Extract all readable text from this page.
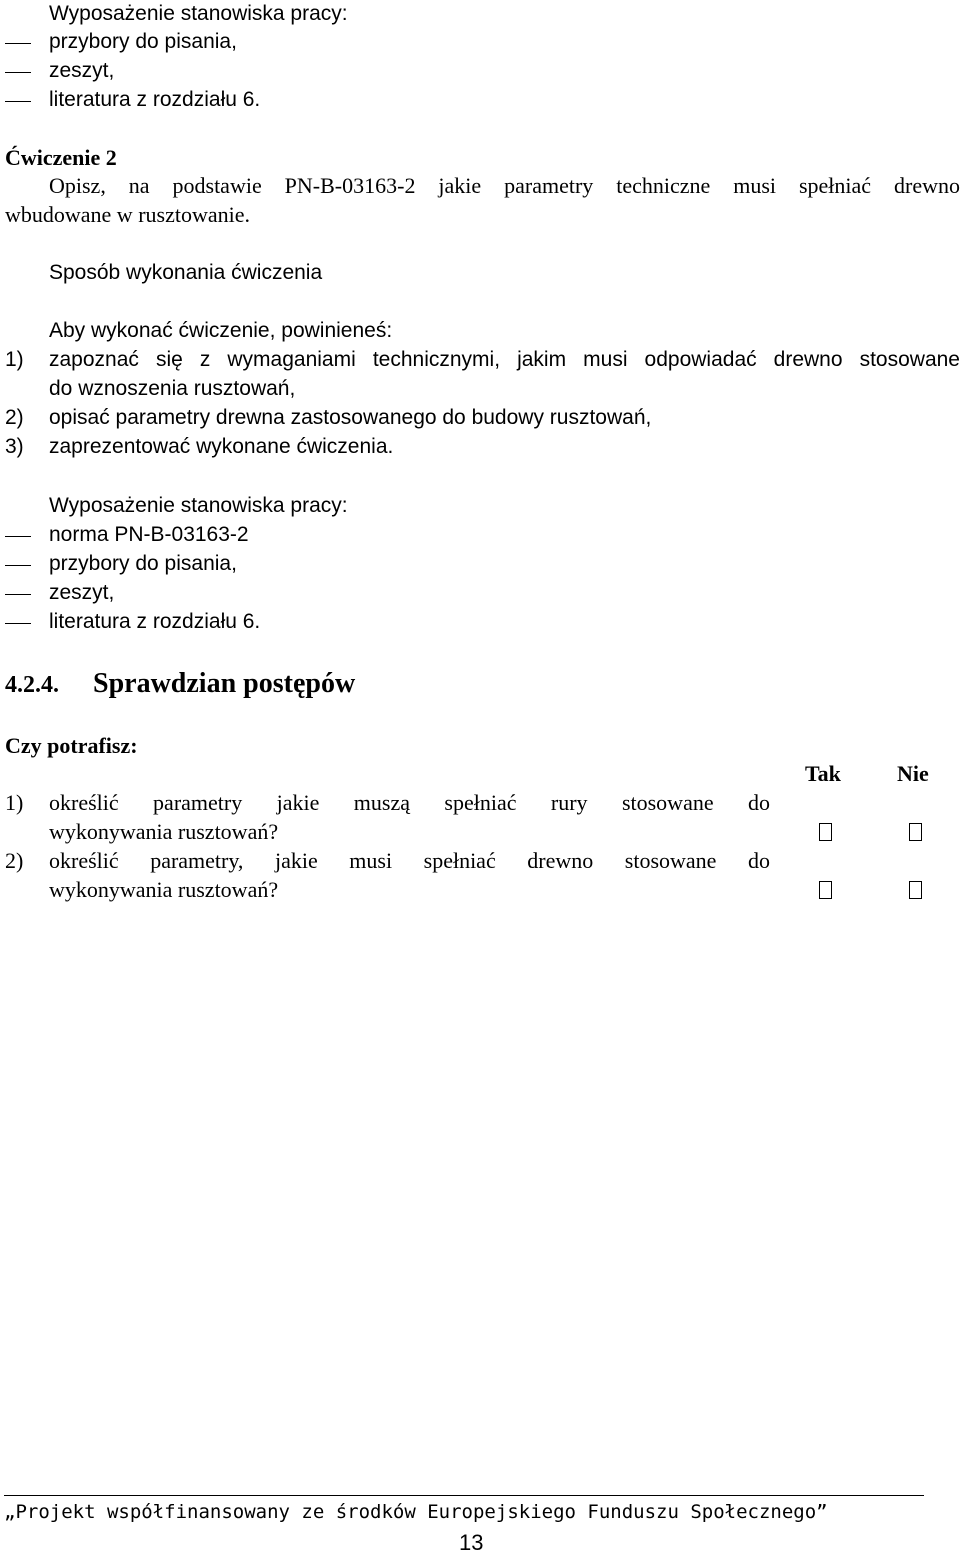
Wyposażenie stanowiska pracy:
przybory do pisania,
zeszyt,
literatura z rozdziału 6.
Ćwiczenie 2
Opisz, na podstawie PN-B-03163-2 jakie parametry techniczne musi spełniać drewno
wbudowane w rusztowanie.
Sposób wykonania ćwiczenia
Aby wykonać ćwiczenie, powinieneś:
1) zapoznać się z wymaganiami technicznymi, jakim musi odpowiadać drewno stosowane
do wznoszenia rusztowań,
2) opisać parametry drewna zastosowanego do budowy rusztowań,
3) zaprezentować wykonane ćwiczenia.
Wyposażenie stanowiska pracy:
norma PN-B-03163-2
przybory do pisania,
zeszyt,
literatura z rozdziału 6.
4.2.4. Sprawdzian postępów
Czy potrafisz:
Tak	Nie
1) określić parametry jakie muszą spełniać rury stosowane do
wykonywania rusztowań?
2) określić parametry, jakie musi spełniać drewno stosowane do
wykonywania rusztowań?
„Projekt współfinansowany ze środków Europejskiego Funduszu Społecznego”
13
